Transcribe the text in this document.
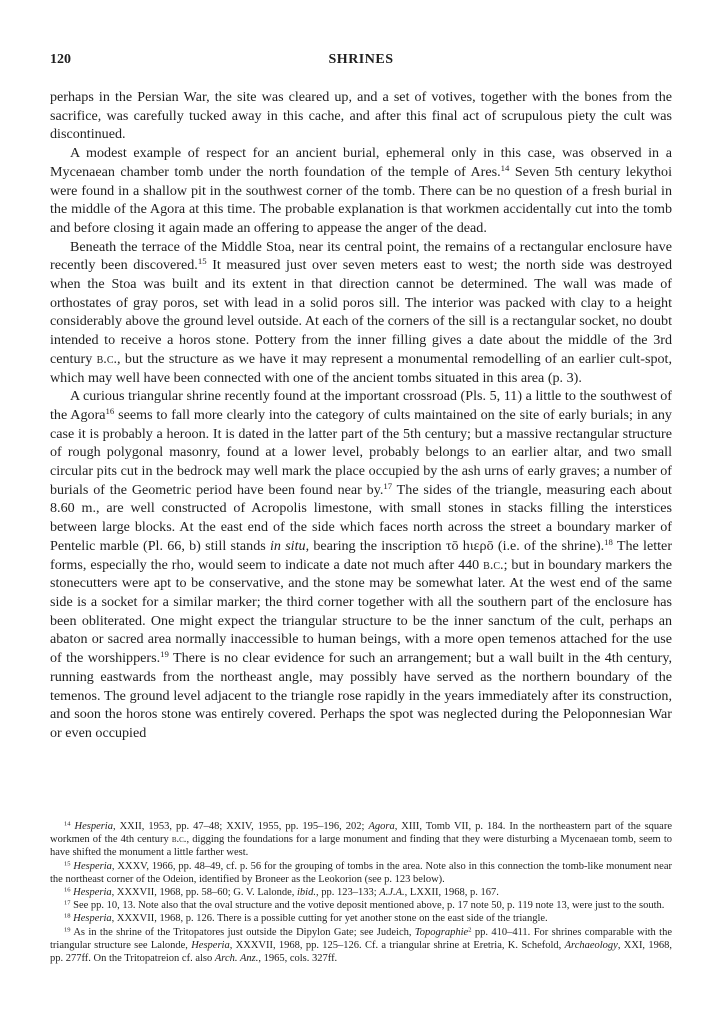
120	SHRINES

perhaps in the Persian War, the site was cleared up, and a set of votives, together with the bones from the sacrifice, was carefully tucked away in this cache, and after this final act of scrupulous piety the cult was discontinued.

A modest example of respect for an ancient burial, ephemeral only in this case, was observed in a Mycenaean chamber tomb under the north foundation of the temple of Ares.$^{14}$ Seven 5th century lekythoi were found in a shallow pit in the southwest corner of the tomb. There can be no question of a fresh burial in the middle of the Agora at this time. The probable explanation is that workmen accidentally cut into the tomb and before closing it again made an offering to appease the anger of the dead.

Beneath the terrace of the Middle Stoa, near its central point, the remains of a rectangular enclosure have recently been discovered.$^{15}$ It measured just over seven meters east to west; the north side was destroyed when the Stoa was built and its extent in that direction cannot be determined. The wall was made of orthostates of gray poros, set with lead in a solid poros sill. The interior was packed with clay to a height considerably above the ground level outside. At each of the corners of the sill is a rectangular socket, no doubt intended to receive a horos stone. Pottery from the inner filling gives a date about the middle of the 3rd century b.c., but the structure as we have it may represent a monumental remodelling of an earlier cult-spot, which may well have been connected with one of the ancient tombs situated in this area (p. 3).

A curious triangular shrine recently found at the important crossroad (Pls. 5, 11) a little to the southwest of the Agora$^{16}$ seems to fall more clearly into the category of cults maintained on the site of early burials; in any case it is probably a heroon. It is dated in the latter part of the 5th century; but a massive rectangular structure of rough polygonal masonry, found at a lower level, probably belongs to an earlier altar, and two small circular pits cut in the bedrock may well mark the place occupied by the ash urns of early graves; a number of burials of the Geometric period have been found near by.$^{17}$ The sides of the triangle, measuring each about 8.60 m., are well constructed of Acropolis limestone, with small stones in stacks filling the interstices between large blocks. At the east end of the side which faces north across the street a boundary marker of Pentelic marble (Pl. 66, b) still stands in situ, bearing the inscription τō hιερō (i.e. of the shrine).$^{18}$ The letter forms, especially the rho, would seem to indicate a date not much after 440 b.c.; but in boundary markers the stonecutters were apt to be conservative, and the stone may be somewhat later. At the west end of the same side is a socket for a similar marker; the third corner together with all the southern part of the enclosure has been obliterated. One might expect the triangular structure to be the inner sanctum of the cult, perhaps an abaton or sacred area normally inaccessible to human beings, with a more open temenos attached for the use of the worshippers.$^{19}$ There is no clear evidence for such an arrangement; but a wall built in the 4th century, running eastwards from the northeast angle, may possibly have served as the northern boundary of the temenos. The ground level adjacent to the triangle rose rapidly in the years immediately after its construction, and soon the horos stone was entirely covered. Perhaps the spot was neglected during the Peloponnesian War or even occupied

$^{14}$ Hesperia, XXII, 1953, pp. 47–48; XXIV, 1955, pp. 195–196, 202; Agora, XIII, Tomb VII, p. 184. In the northeastern part of the square workmen of the 4th century b.c., digging the foundations for a large monument and finding that they were disturbing a Mycenaean tomb, seem to have shifted the monument a little farther west.

$^{15}$ Hesperia, XXXV, 1966, pp. 48–49, cf. p. 56 for the grouping of tombs in the area. Note also in this connection the tomb-like monument near the northeast corner of the Odeion, identified by Broneer as the Leokorion (see p. 123 below).

$^{16}$ Hesperia, XXXVII, 1968, pp. 58–60; G. V. Lalonde, ibid., pp. 123–133; A.J.A., LXXII, 1968, p. 167.

$^{17}$ See pp. 10, 13. Note also that the oval structure and the votive deposit mentioned above, p. 17 note 50, p. 119 note 13, were just to the south.

$^{18}$ Hesperia, XXXVII, 1968, p. 126. There is a possible cutting for yet another stone on the east side of the triangle.

$^{19}$ As in the shrine of the Tritopatores just outside the Dipylon Gate; see Judeich, Topographie$^2$ pp. 410–411. For shrines comparable with the triangular structure see Lalonde, Hesperia, XXXVII, 1968, pp. 125–126. Cf. a triangular shrine at Eretria, K. Schefold, Archaeology, XXI, 1968, pp. 277ff. On the Tritopatreion cf. also Arch. Anz., 1965, cols. 327ff.
